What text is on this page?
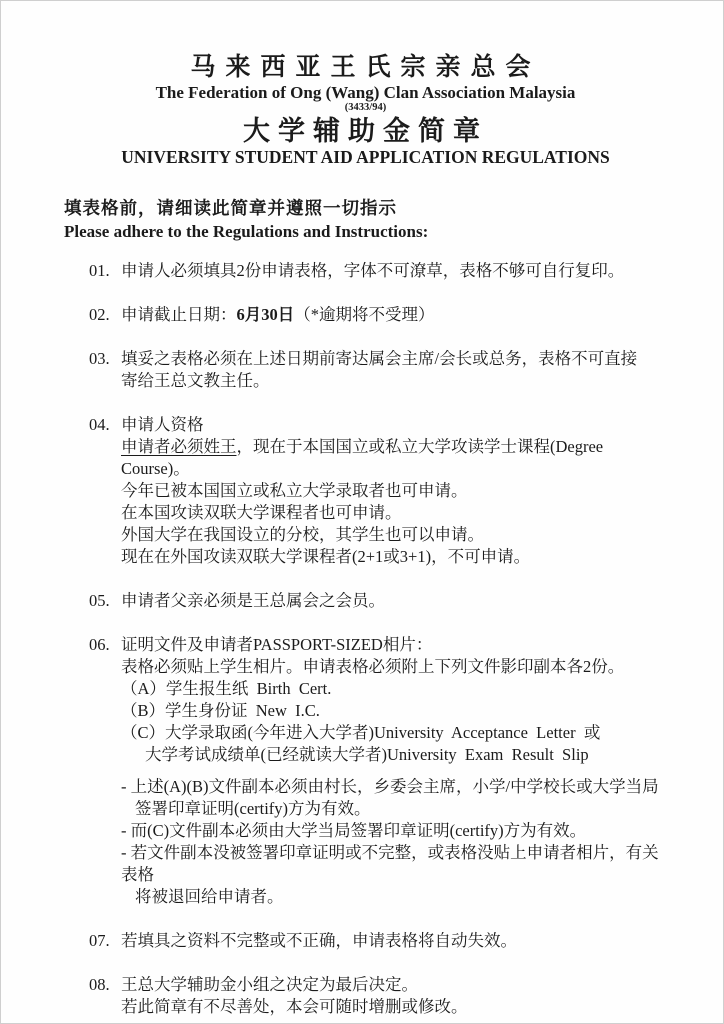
马来西亚王氏宗亲总会
The Federation of Ong (Wang) Clan Association Malaysia
(3433/94)
大学辅助金简章
UNIVERSITY STUDENT AID APPLICATION REGULATIONS
填表格前，请细读此简章并遵照一切指示
Please adhere to the Regulations and Instructions:
01. 申请人必须填具2份申请表格，字体不可潦草，表格不够可自行复印。
02. 申请截止日期：6月30日（*逾期将不受理）
03. 填妥之表格必须在上述日期前寄达属会主席/会长或总务，表格不可直接
寄给王总文教主任。
04. 申请人资格
申请者必须姓王，现在于本国国立或私立大学攻读学士课程(Degree  Course)。
今年已被本国国立或私立大学录取者也可申请。
在本国攻读双联大学课程者也可申请。
外国大学在我国设立的分校，其学生也可以申请。
现在在外国攻读双联大学课程者(2+1或3+1)，不可申请。
05. 申请者父亲必须是王总属会之会员。
06. 证明文件及申请者PASSPORT-SIZED相片：
表格必须贴上学生相片。申请表格必须附上下列文件影印副本各2份。
（A）学生报生纸  Birth  Cert.
（B）学生身份证  New  I.C.
（C）大学录取函(今年进入大学者)University  Acceptance  Letter  或
大学考试成绩单(已经就读大学者)University  Exam  Result  Slip
- 上述(A)(B)文件副本必须由村长，乡委会主席，小学/中学校长或大学当局
签署印章证明(certify)方为有效。
- 而(C)文件副本必须由大学当局签署印章证明(certify)方为有效。
- 若文件副本没被签署印章证明或不完整，或表格没贴上申请者相片，有关表格
将被退回给申请者。
07. 若填具之资料不完整或不正确，申请表格将自动失效。
08. 王总大学辅助金小组之决定为最后决定。
若此简章有不尽善处，本会可随时增删或修改。
